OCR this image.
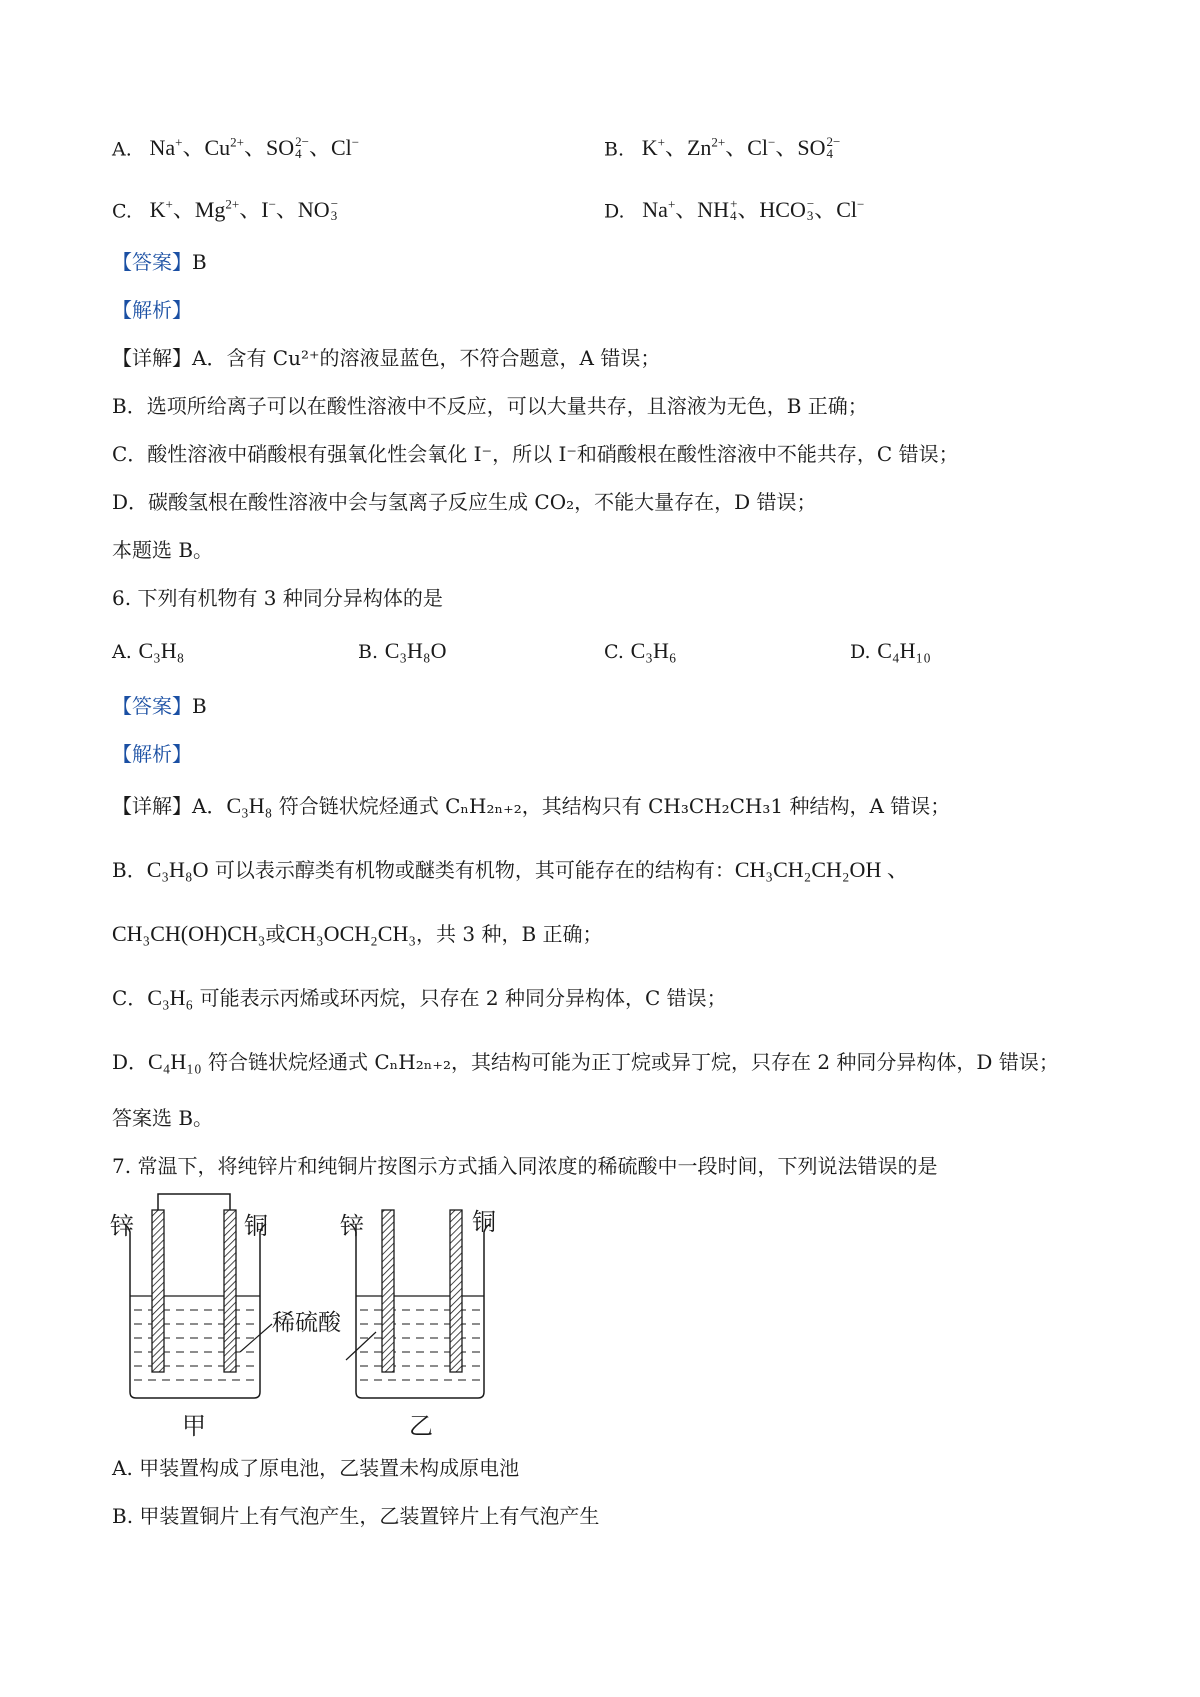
A.   Na+、$Cu^{2+}$、SO 2−
4 、Cl−	B.   K+、$Zn^{2+}$、Cl−、SO 2−
4
C.   K+、$Mg^{2+}$、I−、NO −
3	D.   Na+、NH +
4 、HCO −
3 、Cl−
【答案】B
【解析】
【详解】A．含有 Cu²⁺的溶液显蓝色，不符合题意，A 错误；
B．选项所给离子可以在酸性溶液中不反应，可以大量共存，且溶液为无色，B 正确；
C．酸性溶液中硝酸根有强氧化性会氧化 I⁻，所以 I⁻和硝酸根在酸性溶液中不能共存，C 错误；
D．碳酸氢根在酸性溶液中会与氢离子反应生成 CO₂，不能大量存在，D 错误；
本题选 B。
6. 下列有机物有 3 种同分异构体的是
A. C₃H₈	B. C₃H₈O	C. C₃H₆	D. C₄H₁₀
【答案】B
【解析】
【详解】A．C₃H₈ 符合链状烷烃通式 CₙH₂ₙ₊₂，其结构只有 CH₃CH₂CH₃1 种结构，A 错误；
B．C₃H₈O 可以表示醇类有机物或醚类有机物，其可能存在的结构有：CH₃CH₂CH₂OH 、
CH₃CH(OH)CH₃或CH₃OCH₂CH₃，共 3 种，B 正确；
C．C₃H₆ 可能表示丙烯或环丙烷，只存在 2 种同分异构体，C 错误；
D．C₄H₁₀ 符合链状烷烃通式 CₙH₂ₙ₊₂，其结构可能为正丁烷或异丁烷，只存在 2 种同分异构体，D 错误；
答案选 B。
7. 常温下，将纯锌片和纯铜片按图示方式插入同浓度的稀硫酸中一段时间，下列说法错误的是
锌	铜	锌	铜
稀硫酸
甲	乙
A. 甲装置构成了原电池，乙装置未构成原电池
B. 甲装置铜片上有气泡产生，乙装置锌片上有气泡产生
